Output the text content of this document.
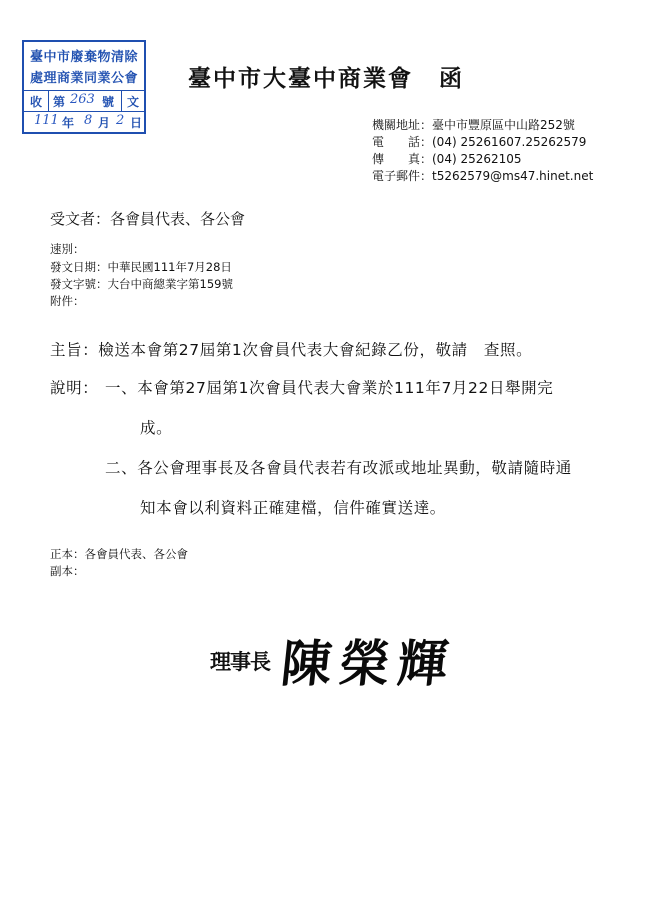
臺中市廢棄物清除
處理商業同業公會
收 第 263 號 文
111 年 8 月 2 日
臺中市大臺中商業會 函
機關地址：臺中市豐原區中山路252號
電　　話：(04) 25261607.25262579
傳　　真：(04) 25262105
電子郵件：t5262579@ms47.hinet.net
受文者：各會員代表、各公會
速別：
發文日期：中華民國111年7月28日
發文字號：大台中商總業字第159號
附件：
主旨：檢送本會第27屆第1次會員代表大會紀錄乙份，敬請　查照。
說明： 一、本會第27屆第1次會員代表大會業於111年7月22日舉開完
成。
二、各公會理事長及各會員代表若有改派或地址異動，敬請隨時通
知本會以利資料正確建檔，信件確實送達。
正本：各會員代表、各公會
副本：
理事長 陳榮輝
